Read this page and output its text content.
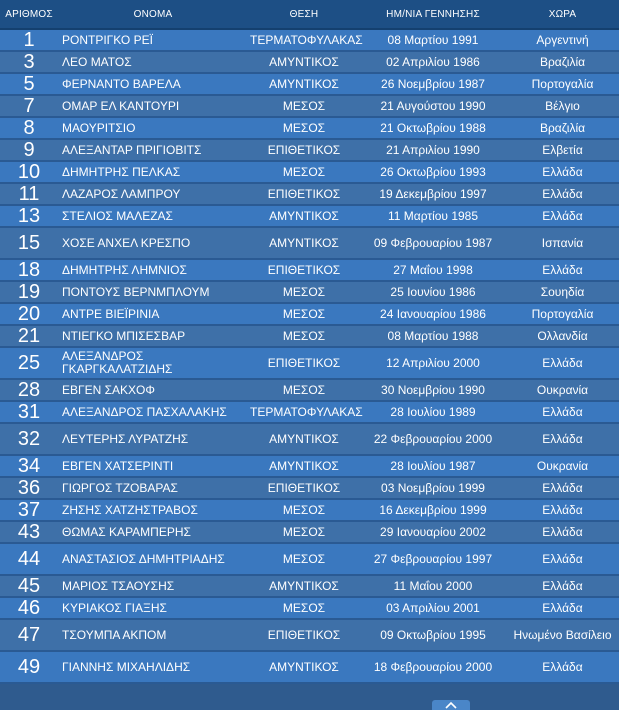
ΑΡΙΘΜΟΣ	ΟΝΟΜΑ	ΘΕΣΗ	ΗΜ/ΝΙΑ ΓΕΝΝΗΣΗΣ	ΧΩΡΑ
1	ΡΟΝΤΡΙΓΚΟ ΡΕΪ	ΤΕΡΜΑΤΟΦΥΛΑΚΑΣ	08 Μαρτίου 1991	Αργεντινή
3	ΛΕΟ ΜΑΤΟΣ	ΑΜΥΝΤΙΚΟΣ	02 Απριλίου 1986	Βραζιλία
5	ΦΕΡΝΑΝΤΟ ΒΑΡΕΛΑ	ΑΜΥΝΤΙΚΟΣ	26 Νοεμβρίου 1987	Πορτογαλία
7	ΟΜΑΡ ΕΛ ΚΑΝΤΟΥΡΙ	ΜΕΣΟΣ	21 Αυγούστου 1990	Βέλγιο
8	ΜΑΟΥΡΙΤΣΙΟ	ΜΕΣΟΣ	21 Οκτωβρίου 1988	Βραζιλία
9	ΑΛΕΞΑΝΤΑΡ ΠΡΙΓΙΟΒΙΤΣ	ΕΠΙΘΕΤΙΚΟΣ	21 Απριλίου 1990	Ελβετία
10	ΔΗΜΗΤΡΗΣ ΠΕΛΚΑΣ	ΜΕΣΟΣ	26 Οκτωβρίου 1993	Ελλάδα
11	ΛΑΖΑΡΟΣ ΛΑΜΠΡΟΥ	ΕΠΙΘΕΤΙΚΟΣ	19 Δεκεμβρίου 1997	Ελλάδα
13	ΣΤΕΛΙΟΣ ΜΑΛΕΖΑΣ	ΑΜΥΝΤΙΚΟΣ	11 Μαρτίου 1985	Ελλάδα
15	ΧΟΣΕ ΑΝΧΕΛ ΚΡΕΣΠΟ	ΑΜΥΝΤΙΚΟΣ	09 Φεβρουαρίου 1987	Ισπανία
18	ΔΗΜΗΤΡΗΣ ΛΗΜΝΙΟΣ	ΕΠΙΘΕΤΙΚΟΣ	27 Μαΐου 1998	Ελλάδα
19	ΠΟΝΤΟΥΣ ΒΕΡΝΜΠΛΟΥΜ	ΜΕΣΟΣ	25 Ιουνίου 1986	Σουηδία
20	ΑΝΤΡΕ ΒΙΕΪΡΙΝΙΑ	ΜΕΣΟΣ	24 Ιανουαρίου 1986	Πορτογαλία
21	ΝΤΙΕΓΚΟ ΜΠΙΣΕΣΒΑΡ	ΜΕΣΟΣ	08 Μαρτίου 1988	Ολλανδία
25	ΑΛΕΞΑΝΔΡΟΣ ΓΚΑΡΓΚΑΛΑΤΖΙΔΗΣ	ΕΠΙΘΕΤΙΚΟΣ	12 Απριλίου 2000	Ελλάδα
28	ΕΒΓΕΝ ΣΑΚΧΟΦ	ΜΕΣΟΣ	30 Νοεμβρίου 1990	Ουκρανία
31	ΑΛΕΞΑΝΔΡΟΣ ΠΑΣΧΑΛΑΚΗΣ	ΤΕΡΜΑΤΟΦΥΛΑΚΑΣ	28 Ιουλίου 1989	Ελλάδα
32	ΛΕΥΤΕΡΗΣ ΛΥΡΑΤΖΗΣ	ΑΜΥΝΤΙΚΟΣ	22 Φεβρουαρίου 2000	Ελλάδα
34	ΕΒΓΕΝ ΧΑΤΣΕΡΙΝΤΙ	ΑΜΥΝΤΙΚΟΣ	28 Ιουλίου 1987	Ουκρανία
36	ΓΙΩΡΓΟΣ ΤΖΟΒΑΡΑΣ	ΕΠΙΘΕΤΙΚΟΣ	03 Νοεμβρίου 1999	Ελλάδα
37	ΖΗΣΗΣ ΧΑΤΖΗΣΤΡΑΒΟΣ	ΜΕΣΟΣ	16 Δεκεμβρίου 1999	Ελλάδα
43	ΘΩΜΑΣ ΚΑΡΑΜΠΕΡΗΣ	ΜΕΣΟΣ	29 Ιανουαρίου 2002	Ελλάδα
44	ΑΝΑΣΤΑΣΙΟΣ ΔΗΜΗΤΡΙΑΔΗΣ	ΜΕΣΟΣ	27 Φεβρουαρίου 1997	Ελλάδα
45	ΜΑΡΙΟΣ ΤΣΑΟΥΣΗΣ	ΑΜΥΝΤΙΚΟΣ	11 Μαΐου 2000	Ελλάδα
46	ΚΥΡΙΑΚΟΣ ΓΙΑΞΗΣ	ΜΕΣΟΣ	03 Απριλίου 2001	Ελλάδα
47	ΤΣΟΥΜΠΑ ΑΚΠΟΜ	ΕΠΙΘΕΤΙΚΟΣ	09 Οκτωβρίου 1995	Ηνωμένο Βασίλειο
49	ΓΙΑΝΝΗΣ ΜΙΧΑΗΛΙΔΗΣ	ΑΜΥΝΤΙΚΟΣ	18 Φεβρουαρίου 2000	Ελλάδα
